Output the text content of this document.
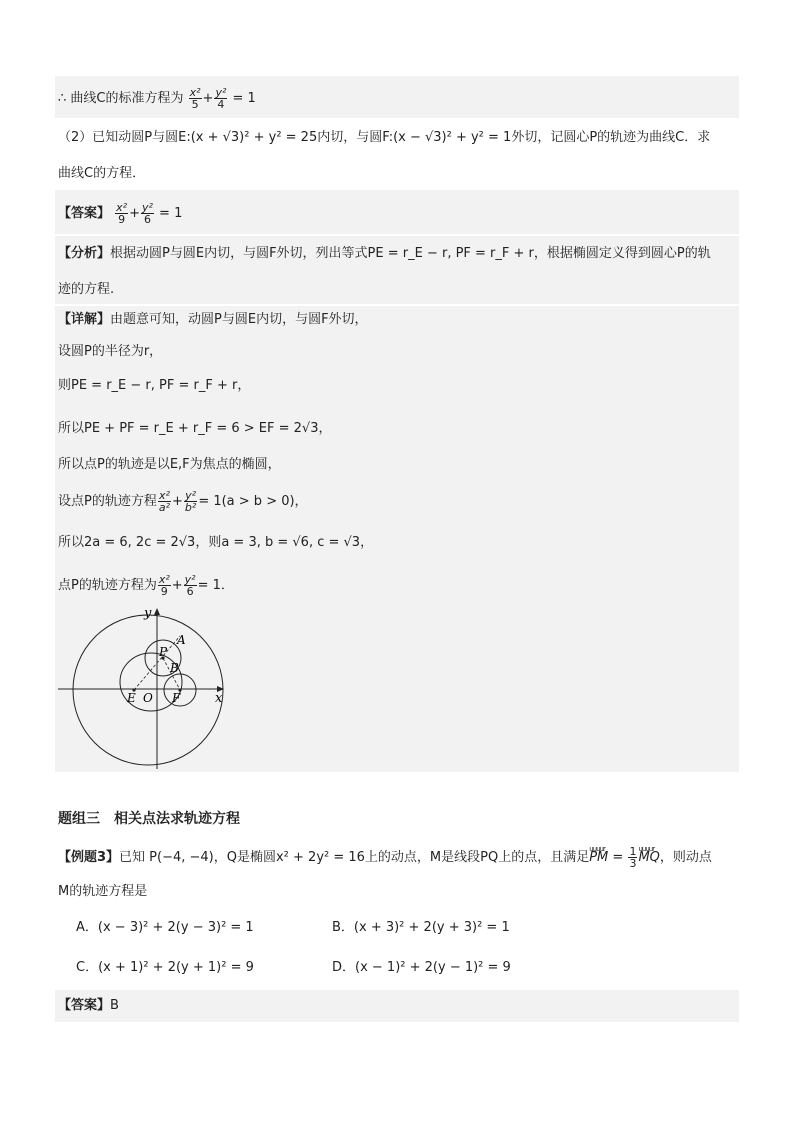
∴ 曲线C的标准方程为 $\frac{\text{x²}}{5} + \frac{\text{y²}}{4} = 1$
（2）已知动圆P与圆E:(x + √3)² + y² = 25内切，与圆F:(x − √3)² + y² = 1外切，记圆心P的轨迹为曲线C．求
曲线C的方程．
【答案】 $\frac{\text{x²}}{9} + \frac{\text{y²}}{6} = 1$
【分析】根据动圆P与圆E内切，与圆F外切，列出等式PE = r_E − r, PF = r_F + r，根据椭圆定义得到圆心P的轨
迹的方程.
【详解】由题意可知，动圆P与圆E内切，与圆F外切，
设圆P的半径为r，
则PE = r_E − r, PF = r_F + r，
所以PE + PF = r_E + r_F = 6 > EF = 2√3，
所以点P的轨迹是以E,F为焦点的椭圆，
设点P的轨迹方程 $\frac{\text{x²}}{\text{a²}} + \frac{\text{y²}}{\text{b²}} = 1(a > b > 0)$，
所以2a = 6, 2c = 2√3，则a = 3, b = √6, c = √3，
点P的轨迹方程为 $\frac{\text{x²}}{9} + \frac{\text{y²}}{6} = 1$．
y
x
A
P
B
E O F
题组三　相关点法求轨迹方程
【例题3】已知 P(−4, −4)，Q是椭圆x² + 2y² = 16上的动点，M是线段PQ上的点，且满足uuuur PM = $\frac{1}{3}$
uuuur MQ，则动点
M的轨迹方程是
A．(x − 3)² + 2(y − 3)² = 1	B．(x + 3)² + 2(y + 3)² = 1
C．(x + 1)² + 2(y + 1)² = 9	D．(x − 1)² + 2(y − 1)² = 9
【答案】B
